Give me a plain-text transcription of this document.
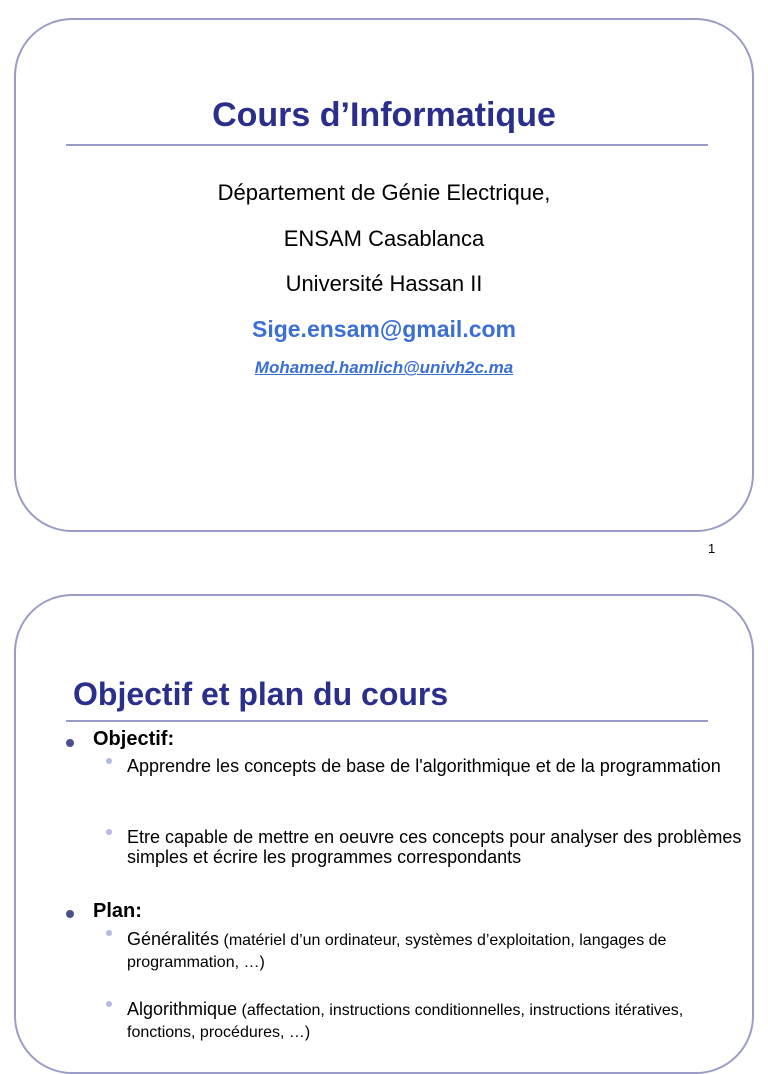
Cours d’Informatique

Département de Génie Electrique,

ENSAM Casablanca

Université Hassan II

Sige.ensam@gmail.com

Mohamed.hamlich@univh2c.ma

1
Objectif et plan du cours
Objectif:
Apprendre les concepts de base de l'algorithmique et de la programmation
Etre capable de mettre en oeuvre ces concepts pour analyser des problèmes simples et écrire les programmes correspondants
Plan:
Généralités (matériel d’un ordinateur, systèmes d’exploitation, langages de programmation, …)
Algorithmique (affectation, instructions conditionnelles, instructions itératives, fonctions, procédures, …)
